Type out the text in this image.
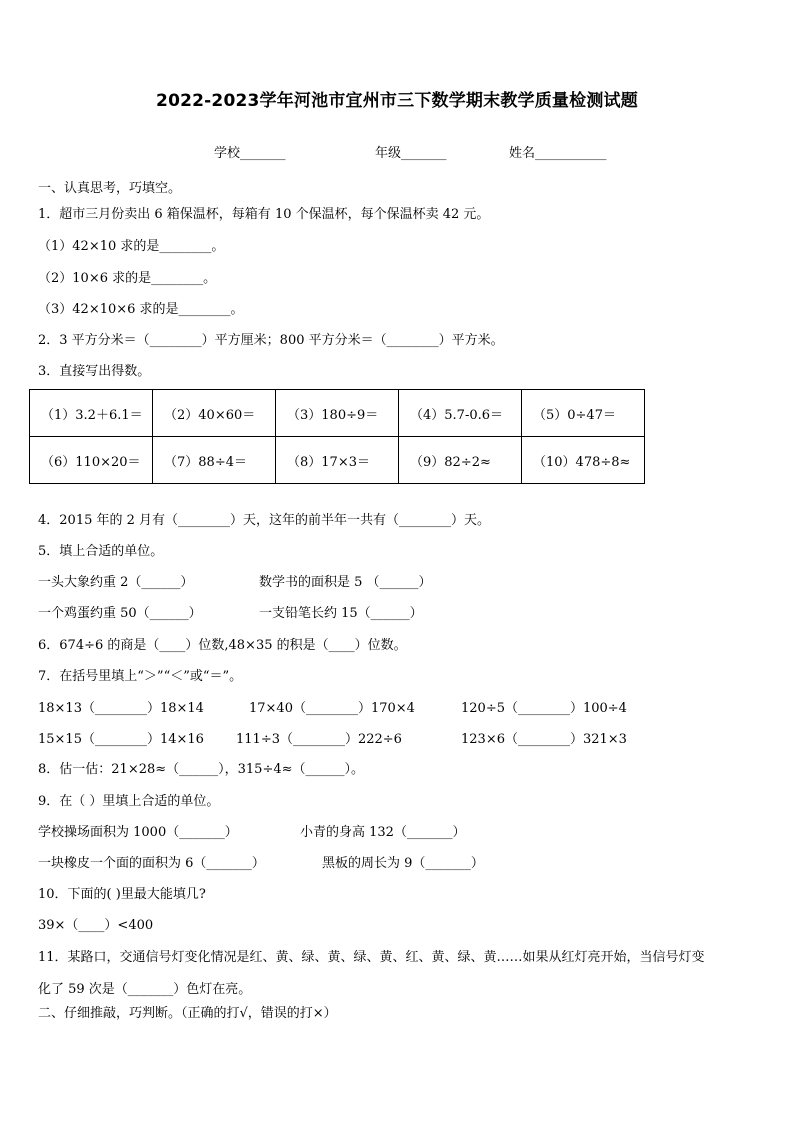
2022-2023学年河池市宜州市三下数学期末教学质量检测试题
学校_______	年级_______	姓名___________
一、认真思考，巧填空。
1．超市三月份卖出 6 箱保温杯，每箱有 10 个保温杯，每个保温杯卖 42 元。
（1）42×10 求的是________。
（2）10×6 求的是________。
（3）42×10×6 求的是________。
2．3 平方分米＝（________）平方厘米；800 平方分米＝（________）平方米。
3．直接写出得数。
（1）3.2＋6.1＝	（2）40×60＝	（3）180÷9＝	（4）5.7-0.6＝	（5）0÷47＝
（6）110×20＝	（7）88÷4＝	（8）17×3＝	（9）82÷2≈	（10）478÷8≈
4．2015 年的 2 月有（________）天，这年的前半年一共有（________）天。
5．填上合适的单位。
一头大象约重 2（______）	数学书的面积是 5 （______）
一个鸡蛋约重 50（______）	一支铅笔长约 15（______）
6．674÷6 的商是（____）位数,48×35 的积是（____）位数。
7．在括号里填上“＞”“＜”或“＝”。
18×13（________）18×14	17×40（________）170×4	120÷5（________）100÷4
15×15（________）14×16 111÷3（________）222÷6	123×6（________）321×3
8．估一估：21×28≈（______），315÷4≈（______）。
9．在（ ）里填上合适的单位。
学校操场面积为 1000（_______）	小青的身高 132（_______）
一块橡皮一个面的面积为 6（_______）	黑板的周长为 9（_______）
10．下面的( )里最大能填几?
39×（____）<400
11．某路口，交通信号灯变化情况是红、黄、绿、黄、绿、黄、红、黄、绿、黄……如果从红灯亮开始，当信号灯变
化了 59 次是（_______）色灯在亮。
二、仔细推敲，巧判断。（正确的打√，错误的打×）
